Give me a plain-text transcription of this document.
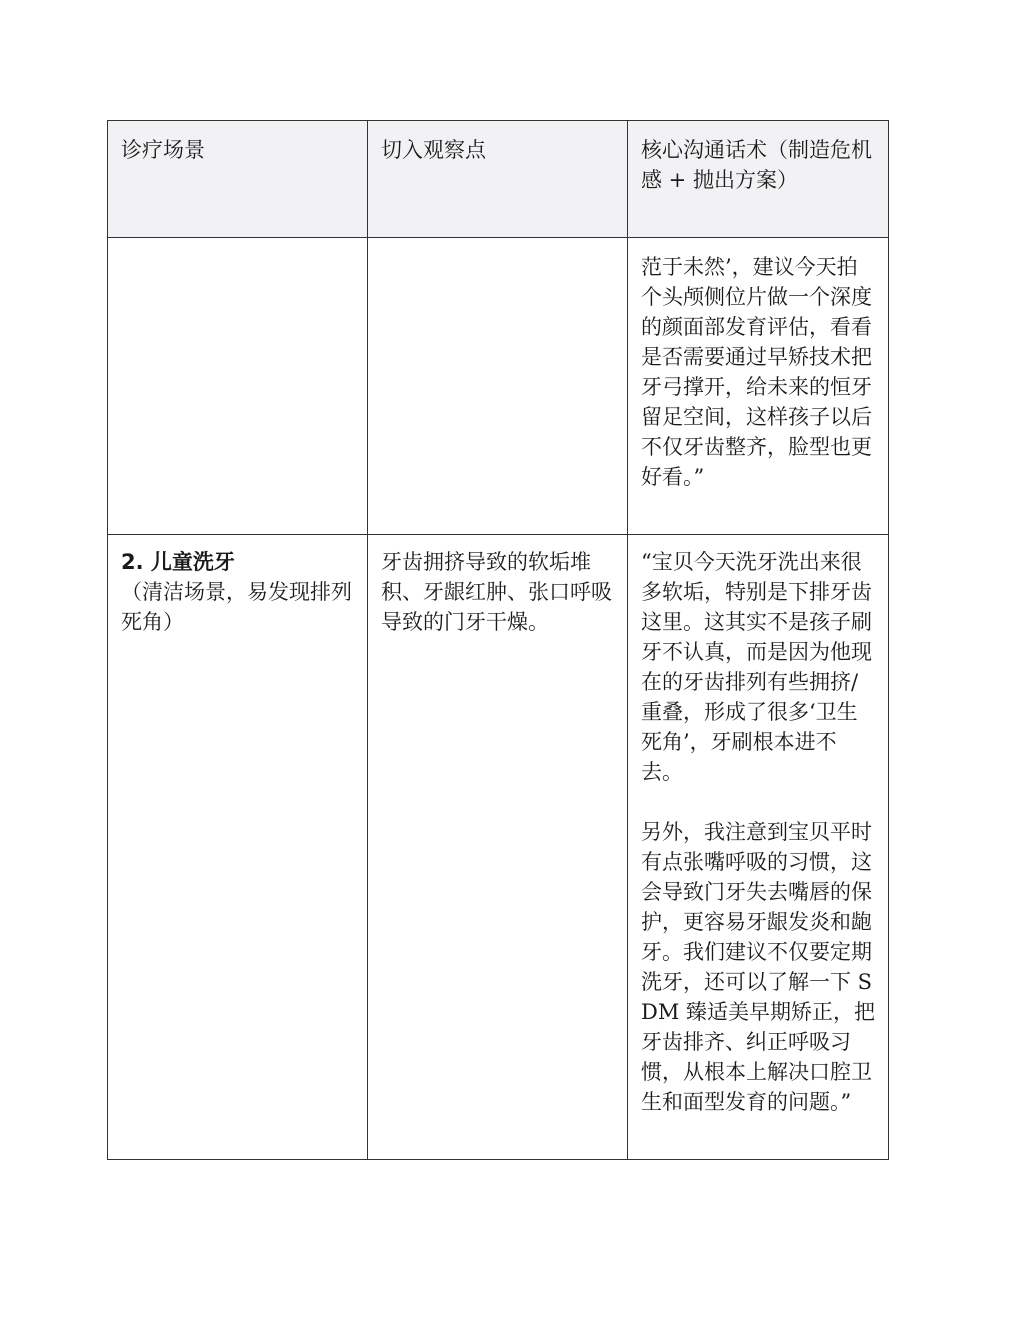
诊疗场景	切入观察点	核心沟通话术（制造危机感 + 抛出方案）

		范于未然’，建议今天拍个头颅侧位片做一个深度的颜面部发育评估，看看是否需要通过早矫技术把牙弓撑开，给未来的恒牙留足空间，这样孩子以后不仅牙齿整齐，脸型也更好看。”

2. 儿童洗牙
（清洁场景，易发现排列死角）	牙齿拥挤导致的软垢堆积、牙龈红肿、张口呼吸导致的门牙干燥。	“宝贝今天洗牙洗出来很多软垢，特别是下排牙齿这里。这其实不是孩子刷牙不认真，而是因为他现在的牙齿排列有些拥挤/重叠，形成了很多‘卫生死角’，牙刷根本进不去。
另外，我注意到宝贝平时有点张嘴呼吸的习惯，这会导致门牙失去嘴唇的保护，更容易牙龈发炎和龅牙。我们建议不仅要定期洗牙，还可以了解一下 SDM 臻适美早期矫正，把牙齿排齐、纠正呼吸习惯，从根本上解决口腔卫生和面型发育的问题。”
